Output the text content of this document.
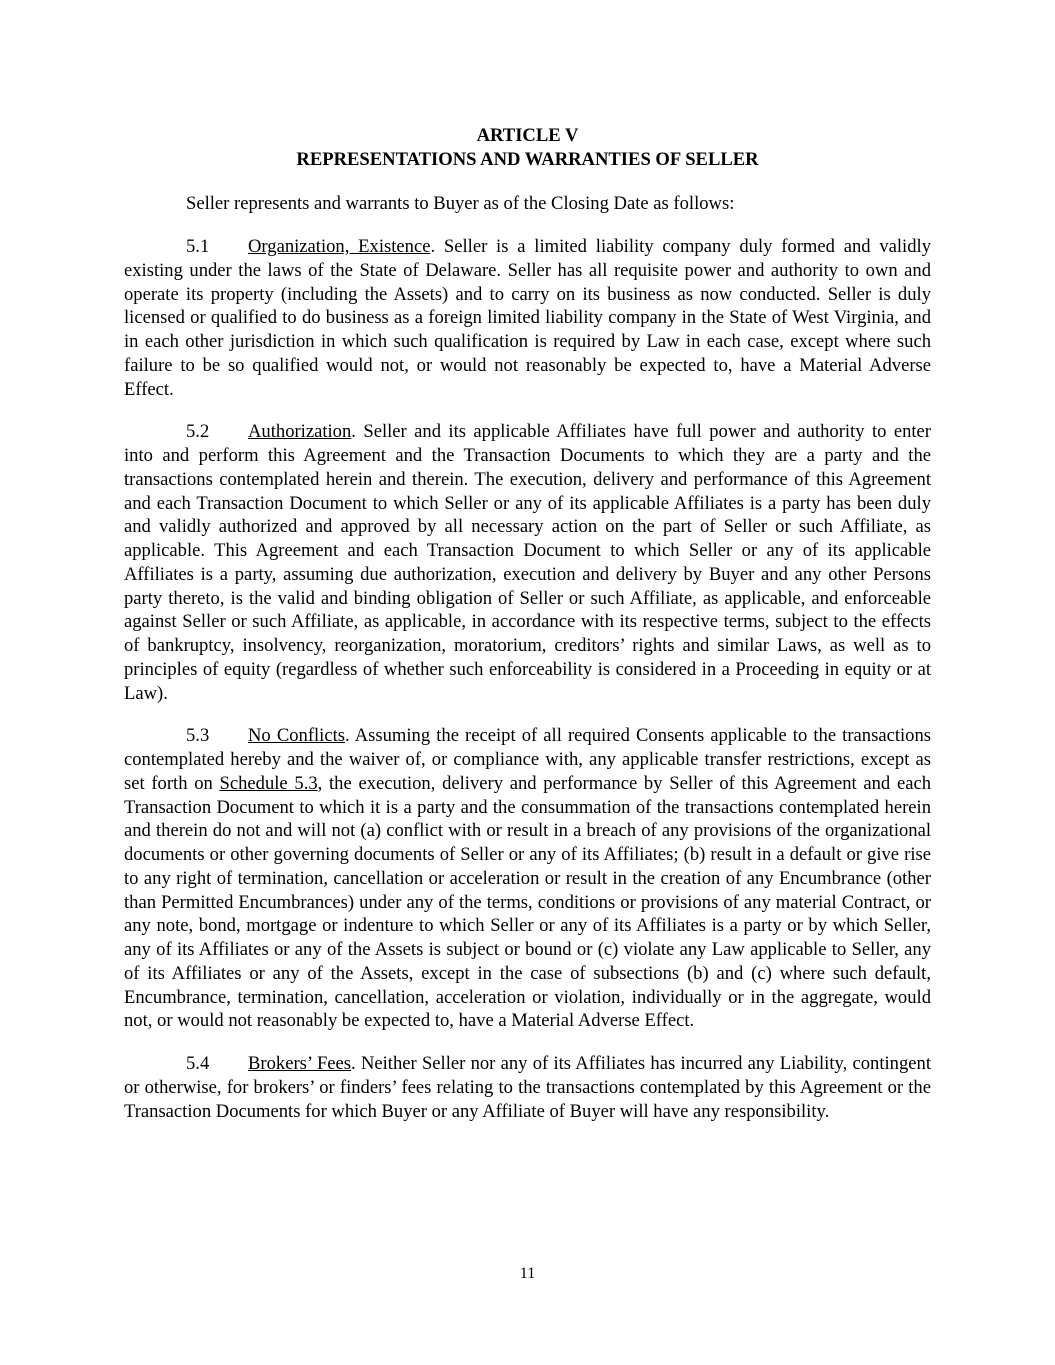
ARTICLE V
REPRESENTATIONS AND WARRANTIES OF SELLER

Seller represents and warrants to Buyer as of the Closing Date as follows:

5.1 Organization, Existence. Seller is a limited liability company duly formed and validly existing under the laws of the State of Delaware. Seller has all requisite power and authority to own and operate its property (including the Assets) and to carry on its business as now conducted. Seller is duly licensed or qualified to do business as a foreign limited liability company in the State of West Virginia, and in each other jurisdiction in which such qualification is required by Law in each case, except where such failure to be so qualified would not, or would not reasonably be expected to, have a Material Adverse Effect.

5.2 Authorization. Seller and its applicable Affiliates have full power and authority to enter into and perform this Agreement and the Transaction Documents to which they are a party and the transactions contemplated herein and therein. The execution, delivery and performance of this Agreement and each Transaction Document to which Seller or any of its applicable Affiliates is a party has been duly and validly authorized and approved by all necessary action on the part of Seller or such Affiliate, as applicable. This Agreement and each Transaction Document to which Seller or any of its applicable Affiliates is a party, assuming due authorization, execution and delivery by Buyer and any other Persons party thereto, is the valid and binding obligation of Seller or such Affiliate, as applicable, and enforceable against Seller or such Affiliate, as applicable, in accordance with its respective terms, subject to the effects of bankruptcy, insolvency, reorganization, moratorium, creditors’ rights and similar Laws, as well as to principles of equity (regardless of whether such enforceability is considered in a Proceeding in equity or at Law).

5.3 No Conflicts. Assuming the receipt of all required Consents applicable to the transactions contemplated hereby and the waiver of, or compliance with, any applicable transfer restrictions, except as set forth on Schedule 5.3, the execution, delivery and performance by Seller of this Agreement and each Transaction Document to which it is a party and the consummation of the transactions contemplated herein and therein do not and will not (a) conflict with or result in a breach of any provisions of the organizational documents or other governing documents of Seller or any of its Affiliates; (b) result in a default or give rise to any right of termination, cancellation or acceleration or result in the creation of any Encumbrance (other than Permitted Encumbrances) under any of the terms, conditions or provisions of any material Contract, or any note, bond, mortgage or indenture to which Seller or any of its Affiliates is a party or by which Seller, any of its Affiliates or any of the Assets is subject or bound or (c) violate any Law applicable to Seller, any of its Affiliates or any of the Assets, except in the case of subsections (b) and (c) where such default, Encumbrance, termination, cancellation, acceleration or violation, individually or in the aggregate, would not, or would not reasonably be expected to, have a Material Adverse Effect.

5.4 Brokers’ Fees. Neither Seller nor any of its Affiliates has incurred any Liability, contingent or otherwise, for brokers’ or finders’ fees relating to the transactions contemplated by this Agreement or the Transaction Documents for which Buyer or any Affiliate of Buyer will have any responsibility.

11
